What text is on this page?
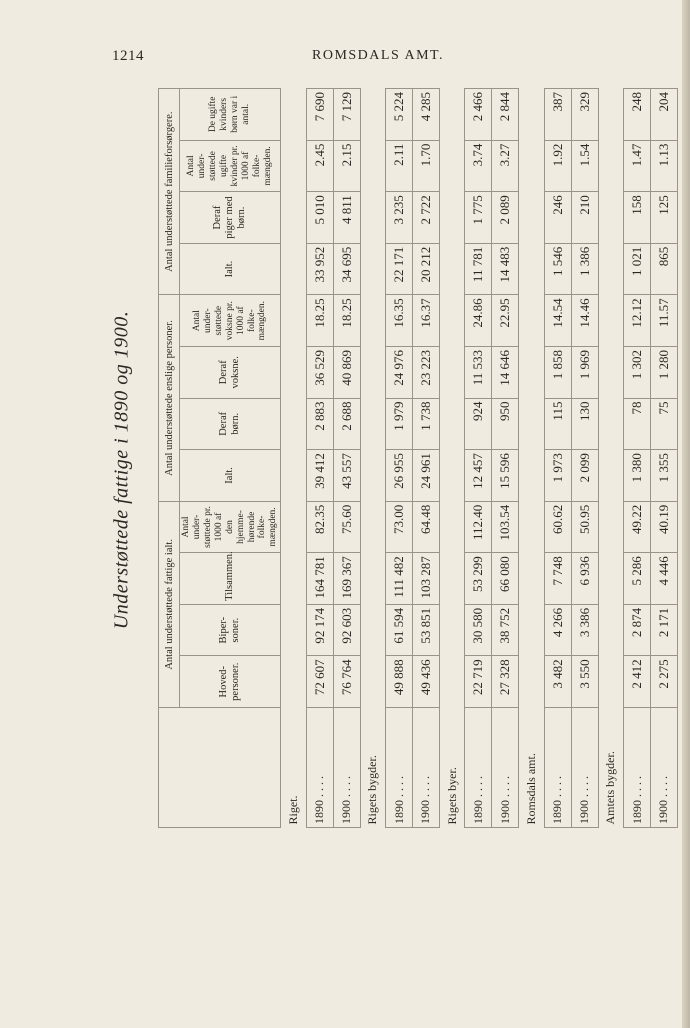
1214	ROMSDALS AMT.
Understøttede fattige i 1890 og 1900.
		Antal understøttede fattige ialt.				Antal understøttede enslige personer.				Antal understøttede familieforsørgere.			
	Hoved-personer.	Biper-soner.	Tilsammen.	Antal under-støttede pr. 1000 af den hjemme-hørende folke-mængden.	Ialt.	Deraf børn.	Deraf voksne.	Antal under-støttede voksne pr. 1000 af folke-mængden.	Ialt.	Deraf piger med børn.	Antal under-støttede ugifte kvinder pr. 1000 af folke-mængden.	De ugifte kvinders børn var i antal.
Riget.												
1890 . . . .	72 607	92 174	164 781	82.35	39 412	2 883	36 529	18.25	33 952	5 010	2.45	7 690
1900 . . . .	76 764	92 603	169 367	75.60	43 557	2 688	40 869	18.25	34 695	4 811	2.15	7 129
Rigets bygder.												
1890 . . . .	49 888	61 594	111 482	73.00	26 955	1 979	24 976	16.35	22 171	3 235	2.11	5 224
1900 . . . .	49 436	53 851	103 287	64.48	24 961	1 738	23 223	16.37	20 212	2 722	1.70	4 285
Rigets byer.												
1890 . . . .	22 719	30 580	53 299	112.40	12 457	924	11 533	24.86	11 781	1 775	3.74	2 466
1900 . . . .	27 328	38 752	66 080	103.54	15 596	950	14 646	22.95	14 483	2 089	3.27	2 844
Romsdals amt.												
1890 . . . .	3 482	4 266	7 748	60.62	1 973	115	1 858	14.54	1 546	246	1.92	387
1900 . . . .	3 550	3 386	6 936	50.95	2 099	130	1 969	14.46	1 386	210	1.54	329
Amtets bygder.												
1890 . . . .	2 412	2 874	5 286	49.22	1 380	78	1 302	12.12	1 021	158	1.47	248
1900 . . . .	2 275	2 171	4 446	40.19	1 355	75	1 280	11.57	865	125	1.13	204
